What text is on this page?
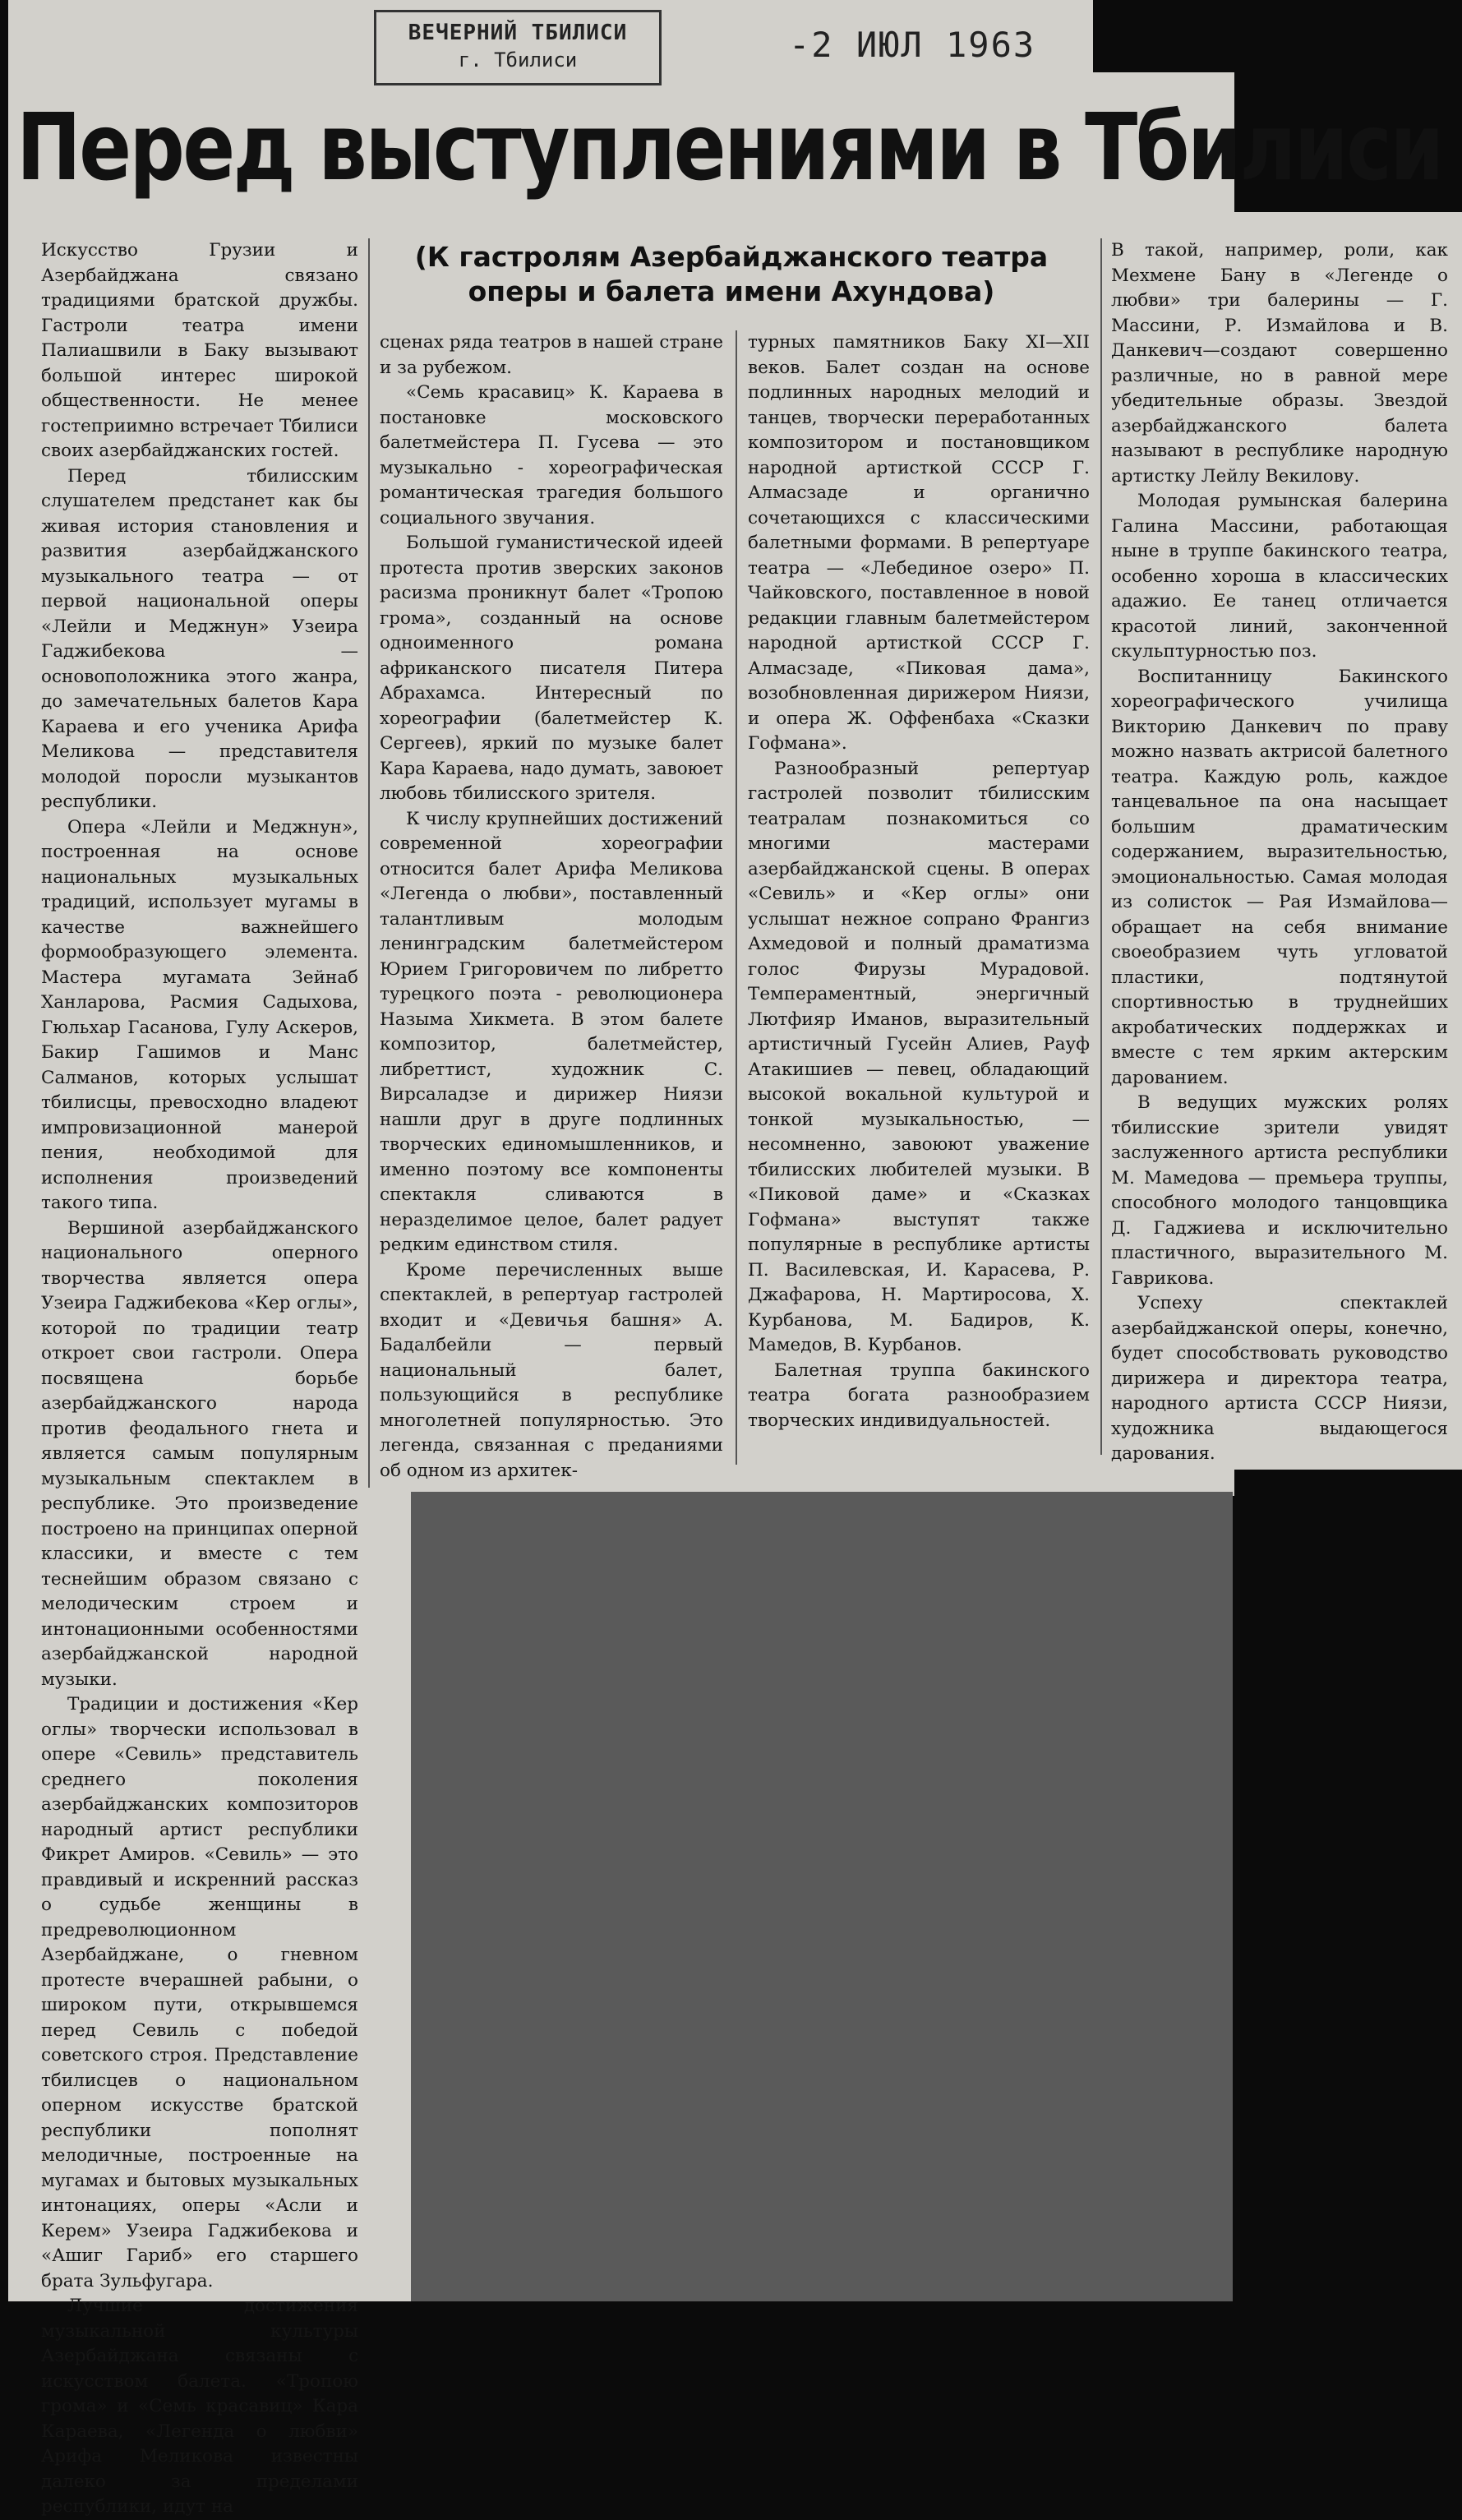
ВЕЧЕРНИЙ ТБИЛИСИ
г. Тбилиси	-2 ИЮЛ 1963
Перед выступлениями в Тбилиси
(К гастролям Азербайджанского театра
оперы и балета имени Ахундова)

Искусство Грузии и Азербайджана связано традициями братской дружбы. Гастроли театра имени Палиашвили в Баку вызывают большой интерес широкой общественности. Не менее гостеприимно встречает Тбилиси своих азербайджанских гостей.

Перед тбилисским слушателем предстанет как бы живая история становления и развития азербайджанского музыкального театра — от первой национальной оперы «Лейли и Меджнун» Узеира Гаджибекова — основоположника этого жанра, до замечательных балетов Кара Караева и его ученика Арифа Меликова — представителя молодой поросли музыкантов республики.

Опера «Лейли и Меджнун», построенная на основе национальных музыкальных традиций, использует мугамы в качестве важнейшего формообразующего элемента. Мастера мугамата Зейнаб Ханларова, Расмия Садыхова, Гюльхар Гасанова, Гулу Аскеров, Бакир Гашимов и Манс Салманов, которых услышат тбилисцы, превосходно владеют импровизационной манерой пения, необходимой для исполнения произведений такого типа.

Вершиной азербайджанского национального оперного творчества является опера Узеира Гаджибекова «Кер оглы», которой по традиции театр откроет свои гастроли. Опера посвящена борьбе азербайджанского народа против феодального гнета и является самым популярным музыкальным спектаклем в республике. Это произведение построено на принципах оперной классики, и вместе с тем теснейшим образом связано с мелодическим строем и интонационными особенностями азербайджанской народной музыки.

Традиции и достижения «Кер оглы» творчески использовал в опере «Севиль» представитель среднего поколения азербайджанских композиторов народный артист республики Фикрет Амиров. «Севиль» — это правдивый и искренний рассказ о судьбе женщины в предреволюционном Азербайджане, о гневном протесте вчерашней рабыни, о широком пути, открывшемся перед Севиль с победой советского строя. Представление тбилисцев о национальном оперном искусстве братской республики пополнят мелодичные, построенные на мугамах и бытовых музыкальных интонациях, оперы «Асли и Керем» Узеира Гаджибекова и «Ашиг Гариб» его старшего брата Зульфугара.

Лучшие достижения музыкальной культуры Азербайджана связаны с искусством балета. «Тропою грома» и «Семь красавиц» Кара Караева, «Легенда о любви» Арифа Меликова известны далеко за пределами республики, идут на

сценах ряда театров в нашей стране и за рубежом.

«Семь красавиц» К. Караева в постановке московского балетмейстера П. Гусева — это музыкально - хореографическая романтическая трагедия большого социального звучания.

Большой гуманистической идеей протеста против зверских законов расизма проникнут балет «Тропою грома», созданный на основе одноименного романа африканского писателя Питера Абрахамса. Интересный по хореографии (балетмейстер К. Сергеев), яркий по музыке балет Кара Караева, надо думать, завоюет любовь тбилисского зрителя.

К числу крупнейших достижений современной хореографии относится балет Арифа Меликова «Легенда о любви», поставленный талантливым молодым ленинградским балетмейстером Юрием Григоровичем по либретто турецкого поэта - революционера Назыма Хикмета. В этом балете композитор, балетмейстер, либреттист, художник С. Вирсаладзе и дирижер Ниязи нашли друг в друге подлинных творческих единомышленников, и именно поэтому все компоненты спектакля сливаются в неразделимое целое, балет радует редким единством стиля.

Кроме перечисленных выше спектаклей, в репертуар гастролей входит и «Девичья башня» А. Бадалбейли — первый национальный балет, пользующийся в республике многолетней популярностью. Это легенда, связанная с преданиями об одном из архитек-

турных памятников Баку XI—XII веков. Балет создан на основе подлинных народных мелодий и танцев, творчески переработанных композитором и постановщиком народной артисткой СССР Г. Алмасзаде и органично сочетающихся с классическими балетными формами. В репертуаре театра — «Лебединое озеро» П. Чайковского, поставленное в новой редакции главным балетмейстером народной артисткой СССР Г. Алмасзаде, «Пиковая дама», возобновленная дирижером Ниязи, и опера Ж. Оффенбаха «Сказки Гофмана».

Разнообразный репертуар гастролей позволит тбилисским театралам познакомиться со многими мастерами азербайджанской сцены. В операх «Севиль» и «Кер оглы» они услышат нежное сопрано Франгиз Ахмедовой и полный драматизма голос Фирузы Мурадовой. Темпераментный, энергичный Лютфияр Иманов, выразительный артистичный Гусейн Алиев, Рауф Атакишиев — певец, обладающий высокой вокальной культурой и тонкой музыкальностью, — несомненно, завоюют уважение тбилисских любителей музыки. В «Пиковой даме» и «Сказках Гофмана» выступят также популярные в республике артисты П. Василевская, И. Карасева, Р. Джафарова, Н. Мартиросова, Х. Курбанова, М. Бадиров, К. Мамедов, В. Курбанов.

Балетная труппа бакинского театра богата разнообразием творческих индивидуальностей.

В такой, например, роли, как Мехмене Бану в «Легенде о любви» три балерины — Г. Массини, Р. Измайлова и В. Данкевич—создают совершенно различные, но в равной мере убедительные образы. Звездой азербайджанского балета называют в республике народную артистку Лейлу Векилову.

Молодая румынская балерина Галина Массини, работающая ныне в труппе бакинского театра, особенно хороша в классических адажио. Ее танец отличается красотой линий, законченной скульптурностью поз.

Воспитанницу Бакинского хореографического училища Викторию Данкевич по праву можно назвать актрисой балетного театра. Каждую роль, каждое танцевальное па она насыщает большим драматическим содержанием, выразительностью, эмоциональностью. Самая молодая из солисток — Рая Измайлова—обращает на себя внимание своеобразием чуть угловатой пластики, подтянутой спортивностью в труднейших акробатических поддержках и вместе с тем ярким актерским дарованием.

В ведущих мужских ролях тбилисские зрители увидят заслуженного артиста республики М. Мамедова — премьера труппы, способного молодого танцовщика Д. Гаджиева и исключительно пластичного, выразительного М. Гаврикова.

Успеху спектаклей азербайджанской оперы, конечно, будет способствовать руководство дирижера и директора театра, народного артиста СССР Ниязи, художника выдающегося дарования.
